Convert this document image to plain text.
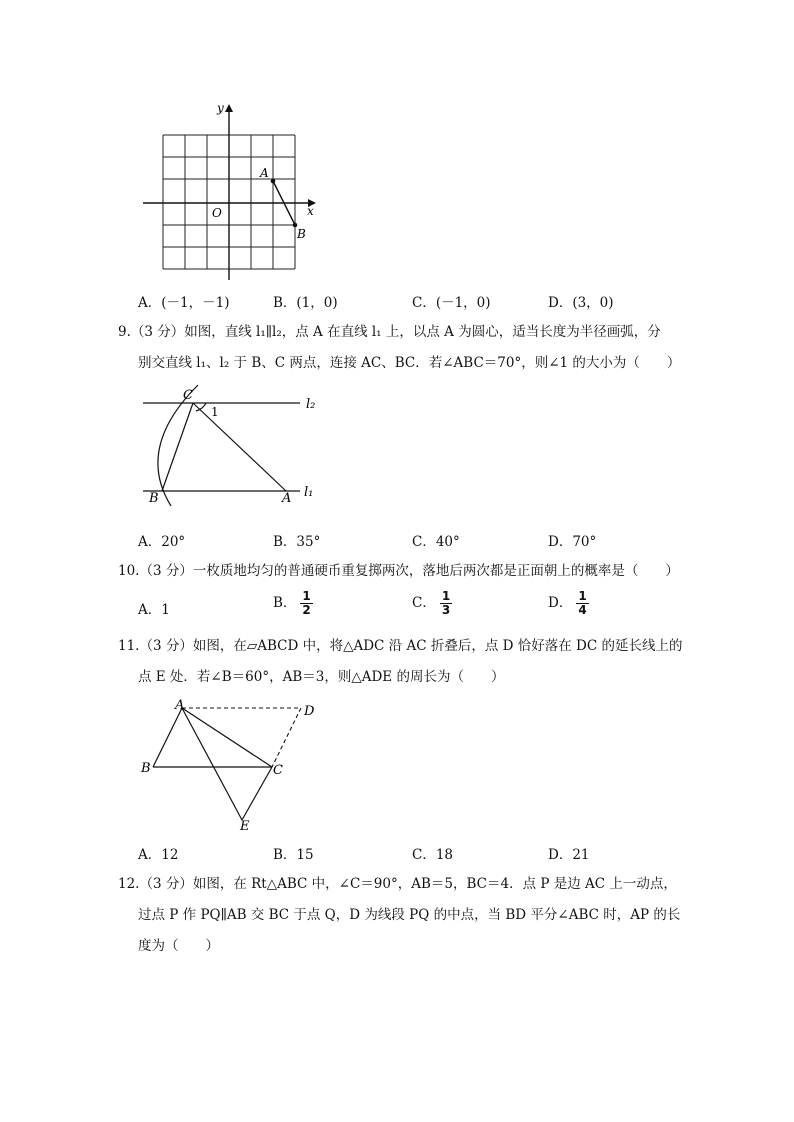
y
x
O
A
B
A．(－1，－1)	B．(1，0)	C．(－1，0)	D．(3，0)
9.（3 分）如图，直线 l₁∥l₂，点 A 在直线 l₁ 上，以点 A 为圆心，适当长度为半径画弧，分
别交直线 l₁、l₂ 于 B、C 两点，连接 AC、BC．若∠ABC＝70°，则∠1 的大小为（　　）
C
1	l₂
B	A l₁
A．20°	B．35°	C．40°	D．70°
10.（3 分）一枚质地均匀的普通硬币重复掷两次，落地后两次都是正面朝上的概率是（　　）
A．1	B． $\frac{1}{2}$	C． $\frac{1}{3}$	D． $\frac{1}{4}$
11.（3 分）如图，在▱ABCD 中，将△ADC 沿 AC 折叠后，点 D 恰好落在 DC 的延长线上的
点 E 处．若∠B＝60°，AB＝3，则△ADE 的周长为（　　）
A	D
B	C
E
A．12	B．15	C．18	D．21
12.（3 分）如图，在 Rt△ABC 中，∠C＝90°，AB＝5，BC＝4．点 P 是边 AC 上一动点，
过点 P 作 PQ∥AB 交 BC 于点 Q，D 为线段 PQ 的中点，当 BD 平分∠ABC 时，AP 的长
度为（　　）
